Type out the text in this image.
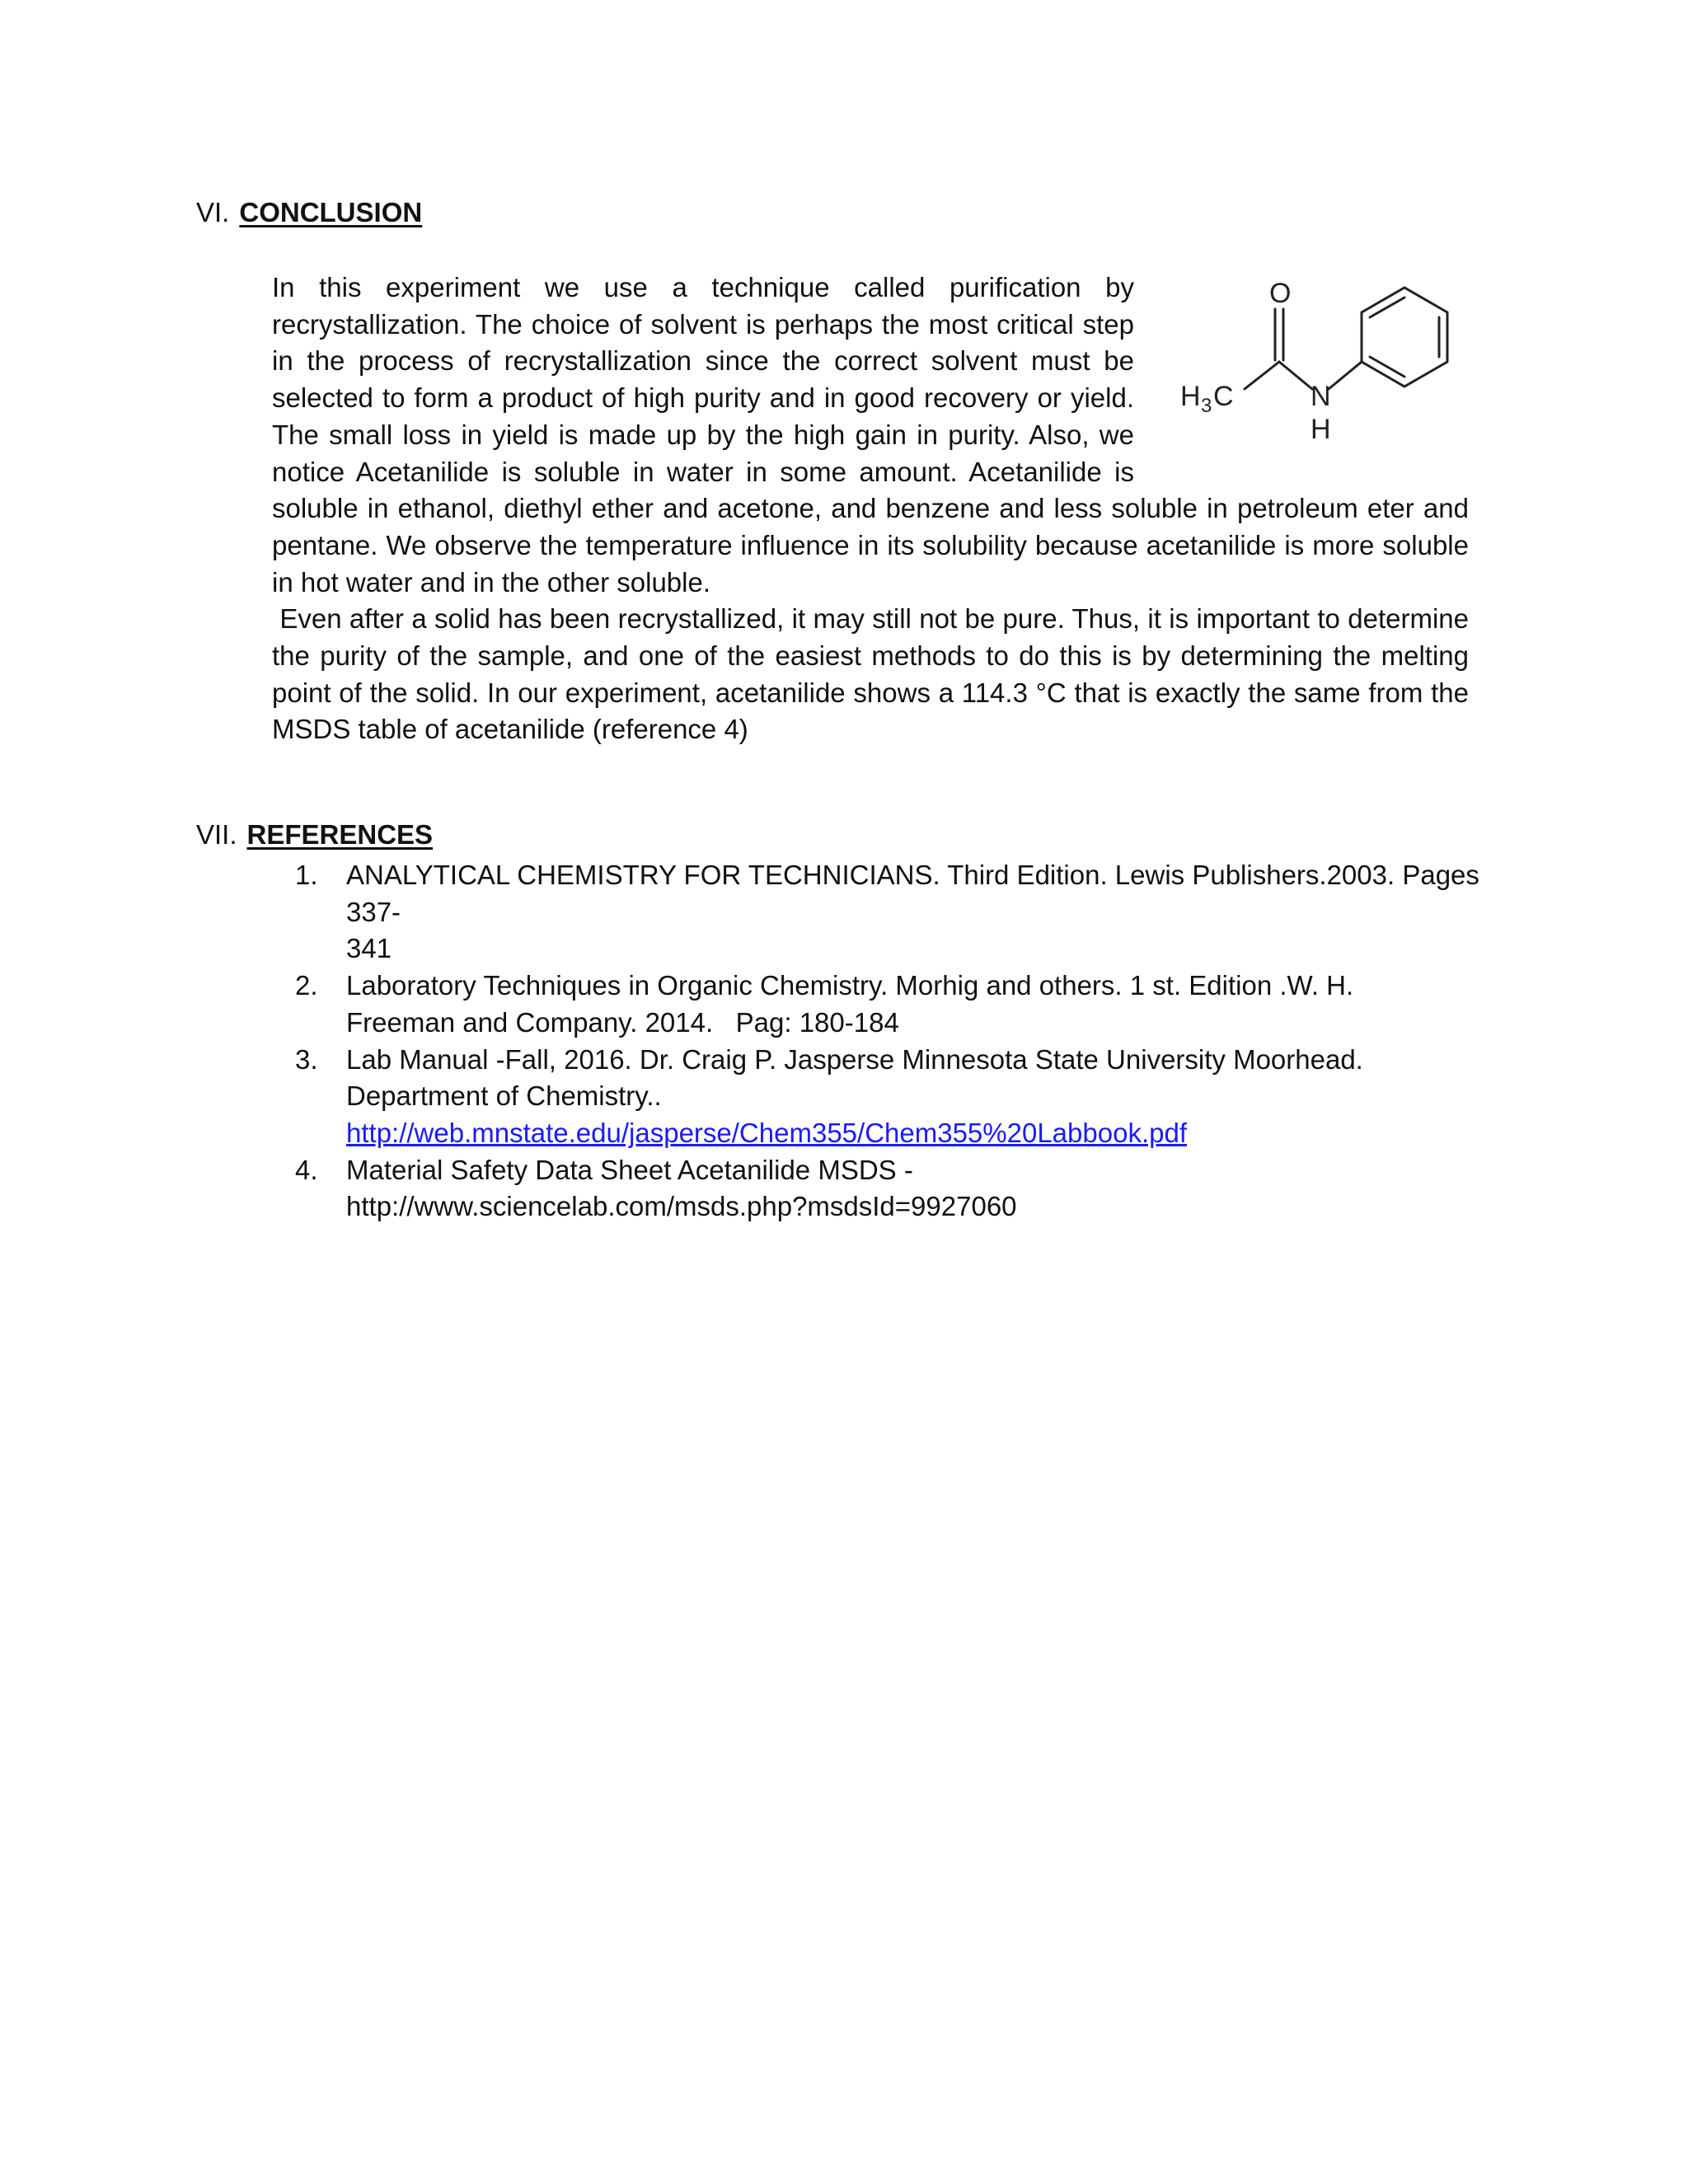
VI. CONCLUSION
O
H 3 C	N
H

In this experiment we use a technique called purification by recrystallization. The choice of solvent is perhaps the most critical step in the process of recrystallization since the correct solvent must be selected to form a product of high purity and in good recovery or yield. The small loss in yield is made up by the high gain in purity. Also, we notice Acetanilide is soluble in water in some amount. Acetanilide is soluble in ethanol, diethyl ether and acetone, and benzene and less soluble in petroleum eter and pentane. We observe the temperature influence in its solubility because acetanilide is more soluble in hot water and in the other soluble.

Even after a solid has been recrystallized, it may still not be pure. Thus, it is important to determine the purity of the sample, and one of the easiest methods to do this is by determining the melting point of the solid. In our experiment, acetanilide shows a 114.3 °C that is exactly the same from the MSDS table of acetanilide (reference 4)

VII. REFERENCES
1. ANALYTICAL CHEMISTRY FOR TECHNICIANS. Third Edition. Lewis Publishers.2003. Pages 337-
341
2. Laboratory Techniques in Organic Chemistry. Morhig and others. 1 st. Edition .W. H.
Freeman and Company. 2014.   Pag: 180-184
3. Lab Manual -Fall, 2016. Dr. Craig P. Jasperse Minnesota State University Moorhead.
Department of Chemistry..
http://web.mnstate.edu/jasperse/Chem355/Chem355%20Labbook.pdf
4. Material Safety Data Sheet Acetanilide MSDS -
http://www.sciencelab.com/msds.php?msdsId=9927060
